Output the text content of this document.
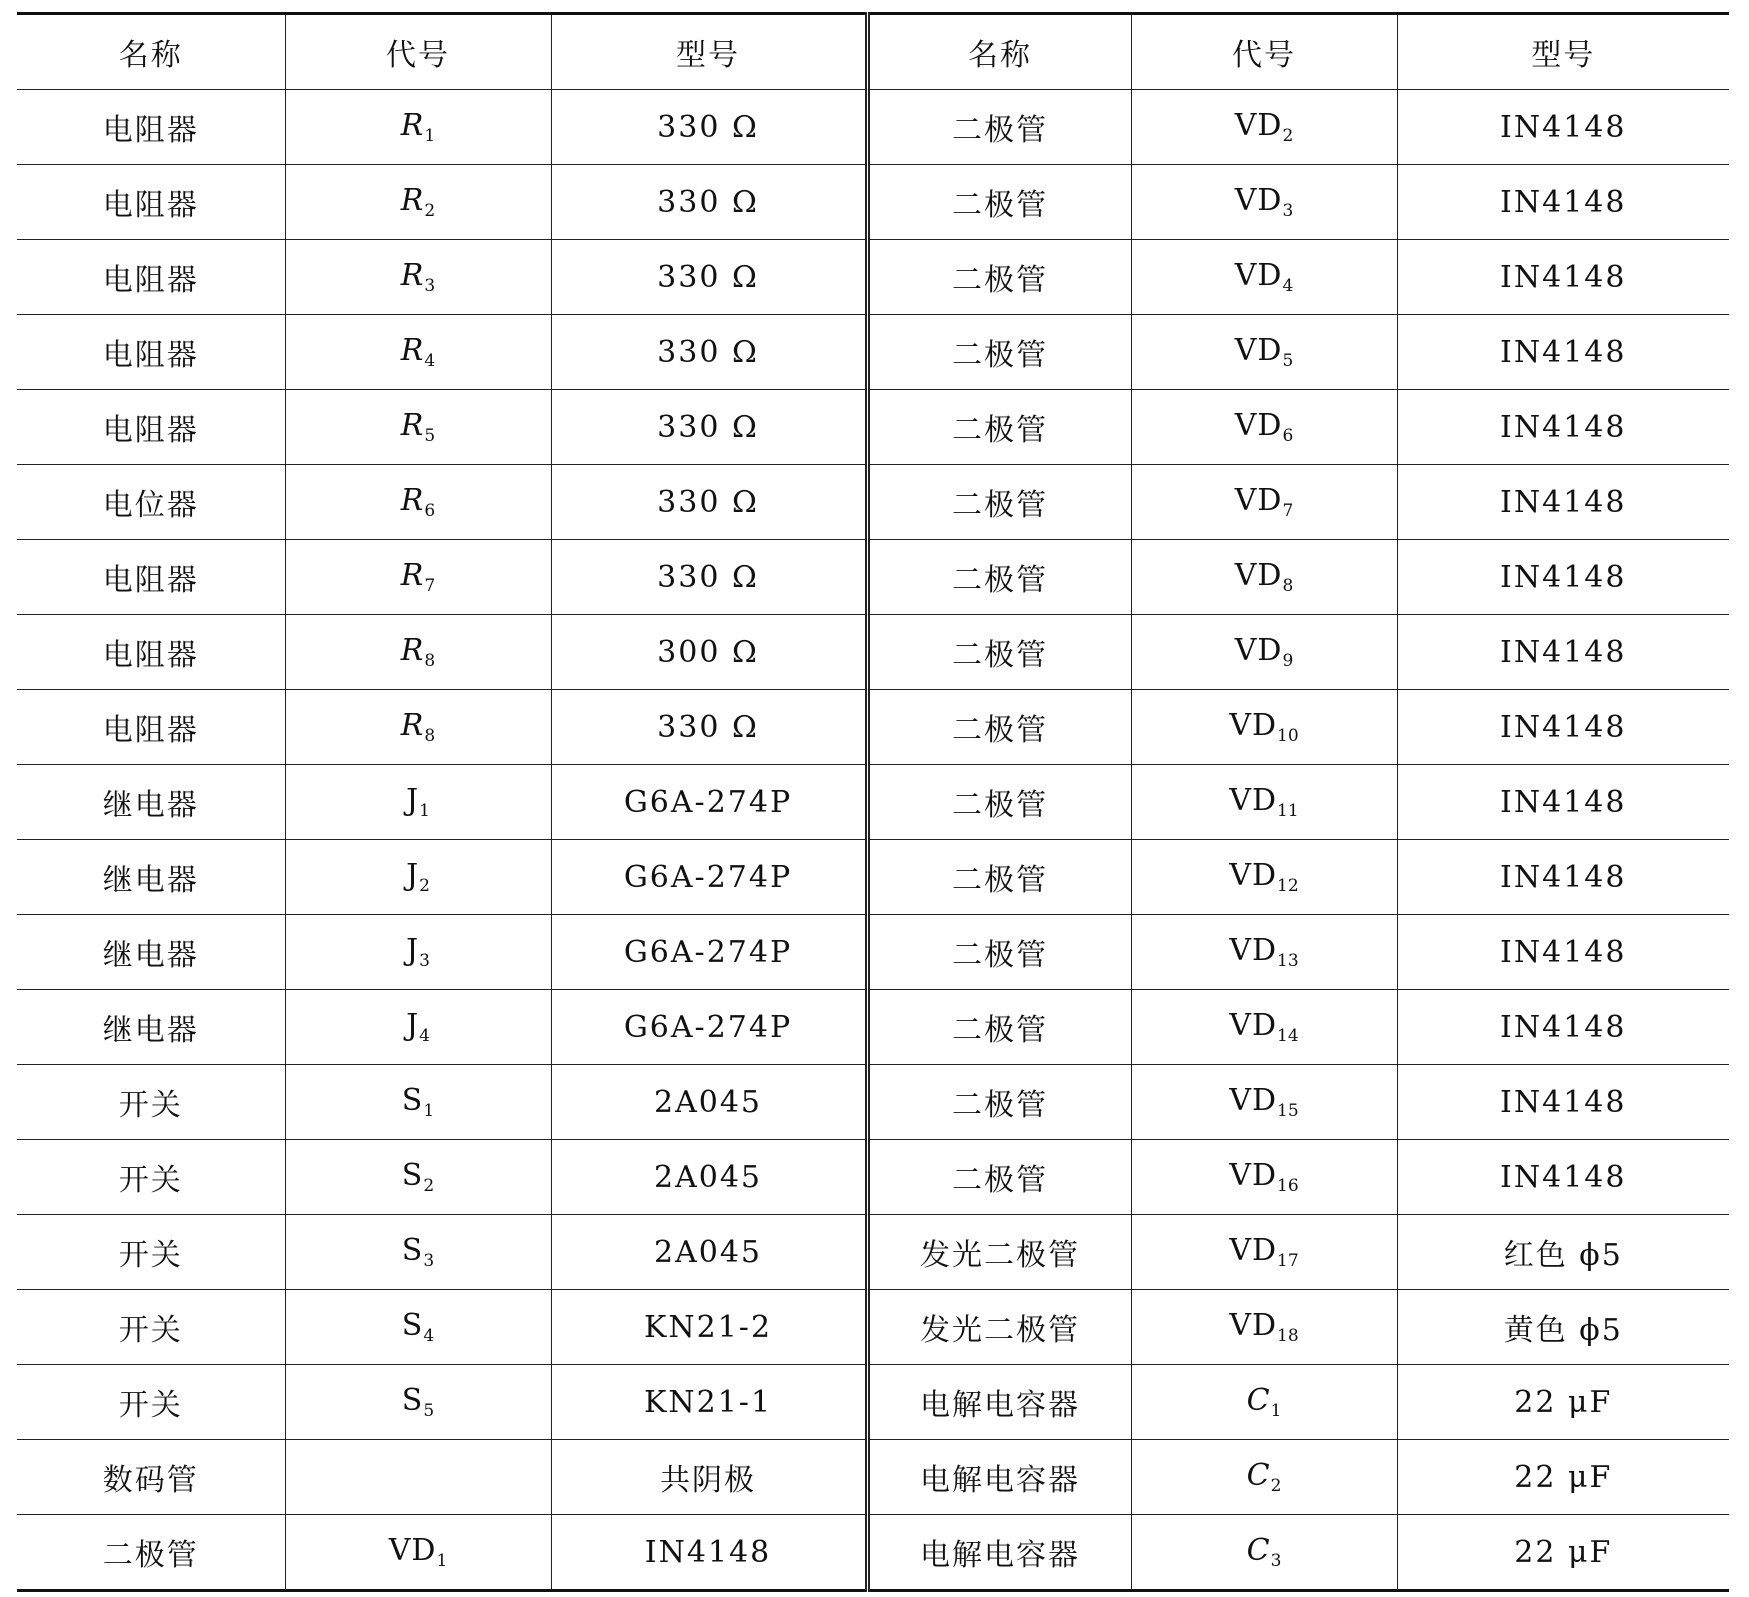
名称	代号	型号	名称	代号	型号
电阻器	$R_1$	330 Ω	二极管	$VD_2$	IN4148
电阻器	$R_2$	330 Ω	二极管	$VD_3$	IN4148
电阻器	$R_3$	330 Ω	二极管	$VD_4$	IN4148
电阻器	$R_4$	330 Ω	二极管	$VD_5$	IN4148
电阻器	$R_5$	330 Ω	二极管	$VD_6$	IN4148
电位器	$R_6$	330 Ω	二极管	$VD_7$	IN4148
电阻器	$R_7$	330 Ω	二极管	$VD_8$	IN4148
电阻器	$R_8$	300 Ω	二极管	$VD_9$	IN4148
电阻器	$R_8$	330 Ω	二极管	$VD_{10}$	IN4148
继电器	$J_1$	G6A-274P	二极管	$VD_{11}$	IN4148
继电器	$J_2$	G6A-274P	二极管	$VD_{12}$	IN4148
继电器	$J_3$	G6A-274P	二极管	$VD_{13}$	IN4148
继电器	$J_4$	G6A-274P	二极管	$VD_{14}$	IN4148
开关	$S_1$	2A045	二极管	$VD_{15}$	IN4148
开关	$S_2$	2A045	二极管	$VD_{16}$	IN4148
开关	$S_3$	2A045	发光二极管	$VD_{17}$	红色 ϕ5
开关	$S_4$	KN21-2	发光二极管	$VD_{18}$	黄色 ϕ5
开关	$S_5$	KN21-1	电解电容器	$C_1$	22 μF
数码管		共阴极	电解电容器	$C_2$	22 μF
二极管	$VD_1$	IN4148	电解电容器	$C_3$	22 μF
